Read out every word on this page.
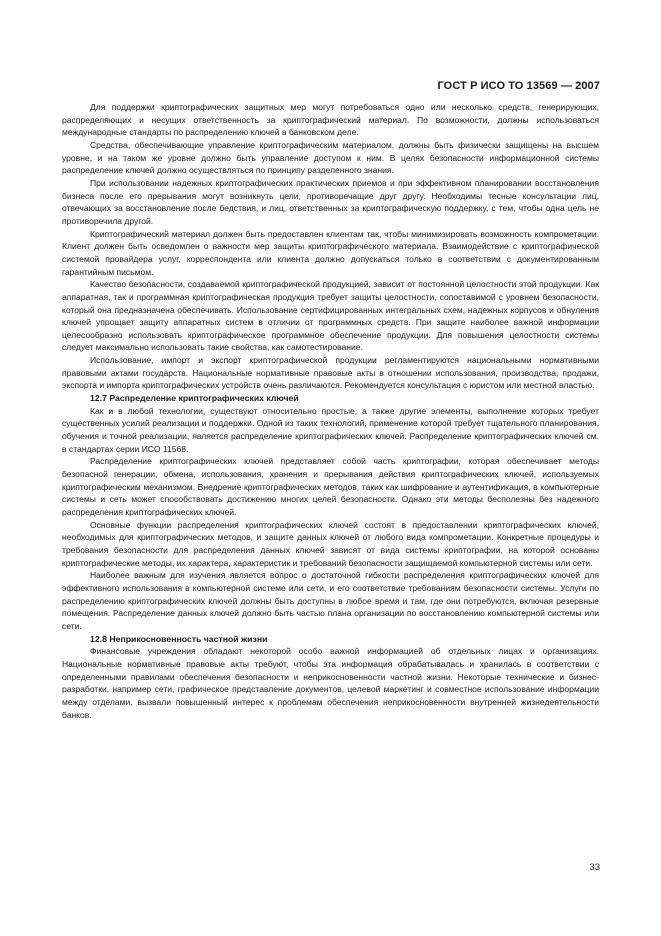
ГОСТ Р ИСО ТО 13569 — 2007

Для поддержки криптографических защитных мер могут потребоваться одно или несколько средств, генерирующих, распределяющих и несущих ответственность за криптографический материал. По возможности, должны использоваться международные стандарты по распределению ключей в банковском деле.

Средства, обеспечивающие управление криптографическим материалом, должны быть физически защищены на высшем уровне, и на таком же уровне должно быть управление доступом к ним. В целях безопасности информационной системы распределение ключей должно осуществляться по принципу разделенного знания.

При использовании надежных криптографических практических приемов и при эффективном планировании восстановления бизнеса после его прерывания могут возникнуть цели, противоречащие друг другу. Необходимы тесные консультации лиц, отвечающих за восстановление после бедствия, и лиц, ответственных за криптографическую поддержку, с тем, чтобы одна цель не противоречила другой.

Криптографический материал должен быть предоставлен клиентам так, чтобы минимизировать возможность компрометации. Клиент должен быть осведомлен о важности мер защиты криптографического материала. Взаимодействие с криптографической системой провайдера услуг, корреспондента или клиента должно допускаться только в соответствии с документированным гарантийным письмом.

Качество безопасности, создаваемой криптографической продукцией, зависит от постоянной целостности этой продукции. Как аппаратная, так и программная криптографическая продукция требует защиты целостности, сопоставимой с уровнем безопасности, который она предназначена обеспечивать. Использование сертифицированных интегральных схем, надежных корпусов и обнуления ключей упрощает защиту аппаратных систем в отличии от программных средств. При защите наиболее важной информации целесообразно использовать криптографическое программное обеспечение продукции. Для повышения целостности системы следует максимально использовать такие свойства, как самотестирование.

Использование, импорт и экспорт криптографической продукции регламентируются национальными нормативными правовыми актами государств. Национальные нормативные правовые акты в отношении использования, производства, продажи, экспорта и импорта криптографических устройств очень различаются. Рекомендуется консультация с юристом или местной властью.

12.7 Распределение криптографических ключей

Как и в любой технологии, существуют относительно простые, а также другие элементы, выполнение которых требует существенных усилий реализации и поддержки. Одной из таких технологий, применение которой требует тщательного планирования, обучения и точной реализации, является распределение криптографических ключей. Распределение криптографических ключей см. в стандартах серии ИСО 11568.

Распределение криптографических ключей представляет собой часть криптографии, которая обеспечивает методы безопасной генерации, обмена, использования, хранения и прерывания действия криптографических ключей, используемых криптографическим механизмом. Внедрение криптографических методов, таких как шифрование и аутентификация, в компьютерные системы и сеть может способствовать достижению многих целей безопасности. Однако эти методы бесполезны без надежного распределения криптографических ключей.

Основные функции распределения криптографических ключей состоят в предоставлении криптографических ключей, необходимых для криптографических методов, и защите данных ключей от любого вида компрометации. Конкретные процедуры и требования безопасности для распределения данных ключей зависят от вида системы криптографии, на которой основаны криптографические методы, их характера, характеристик и требований безопасности защищаемой компьютерной системы или сети.

Наиболее важным для изучения является вопрос о достаточной гибкости распределения криптографических ключей для эффективного использования в компьютерной системе или сети, и его соответствие требованиям безопасности системы. Услуги по распределению криптографических ключей должны быть доступны в любое время и там, где они потребуются, включая резервные помещения. Распределение данных ключей должно быть частью плана организации по восстановлению компьютерной системы или сети.

12.8 Неприкосновенность частной жизни

Финансовые учреждения обладают некоторой особо важной информацией об отдельных лицах и организациях. Национальные нормативные правовые акты требуют, чтобы эта информация обрабатывалась и хранилась в соответствии с определенными правилами обеспечения безопасности и неприкосновенности частной жизни. Некоторые технические и бизнес-разработки, например сети, графическое представление документов, целевой маркетинг и совместное использование информации между отделами, вызвали повышенный интерес к проблемам обеспечения неприкосновенности внутренней жизнедеятельности банков.

33
